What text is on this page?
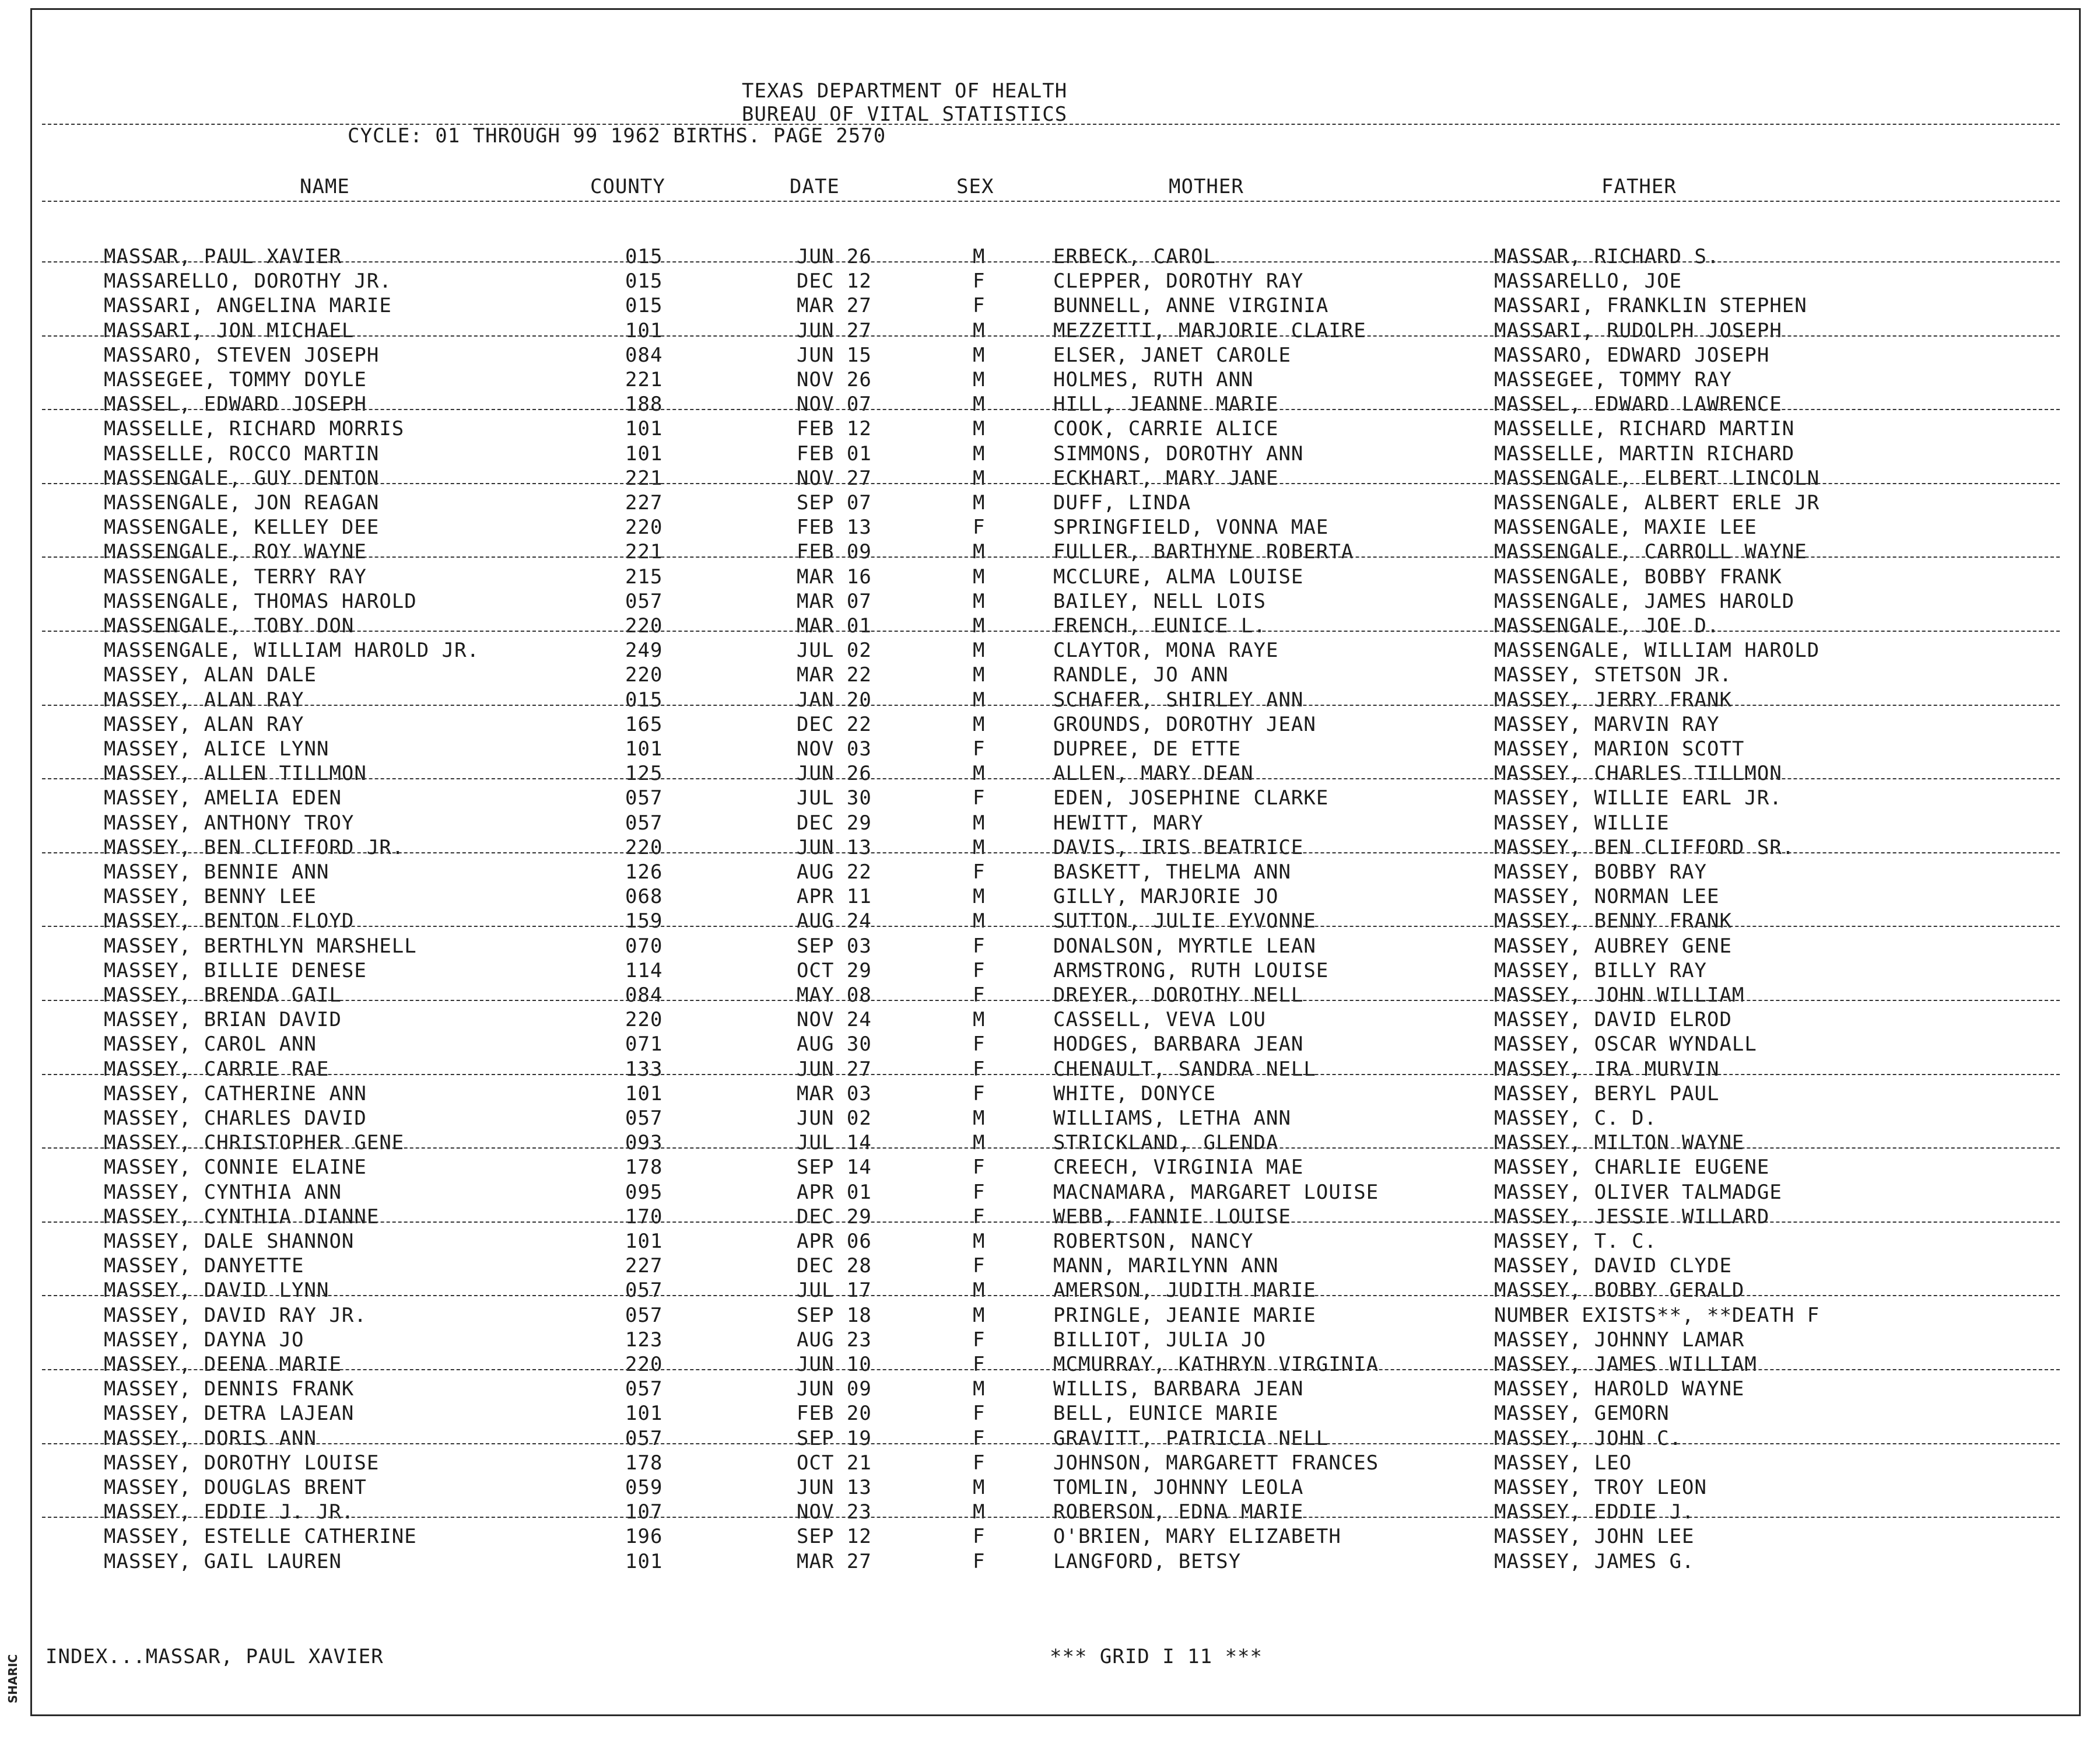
SHARIC
TEXAS DEPARTMENT OF HEALTH
BUREAU OF VITAL STATISTICS
CYCLE: 01 THROUGH 99 1962 BIRTHS. PAGE 2570
NAME	COUNTY	DATE	SEX	MOTHER	FATHER
MASSAR, PAUL XAVIER	015	JUN 26	M	ERBECK, CAROL	MASSAR, RICHARD S.
MASSARELLO, DOROTHY JR.	015	DEC 12	F	CLEPPER, DOROTHY RAY	MASSARELLO, JOE
MASSARI, ANGELINA MARIE	015	MAR 27	F	BUNNELL, ANNE VIRGINIA	MASSARI, FRANKLIN STEPHEN
MASSARI, JON MICHAEL	101	JUN 27	M	MEZZETTI, MARJORIE CLAIRE	MASSARI, RUDOLPH JOSEPH
MASSARO, STEVEN JOSEPH	084	JUN 15	M	ELSER, JANET CAROLE	MASSARO, EDWARD JOSEPH
MASSEGEE, TOMMY DOYLE	221	NOV 26	M	HOLMES, RUTH ANN	MASSEGEE, TOMMY RAY
MASSEL, EDWARD JOSEPH	188	NOV 07	M	HILL, JEANNE MARIE	MASSEL, EDWARD LAWRENCE
MASSELLE, RICHARD MORRIS	101	FEB 12	M	COOK, CARRIE ALICE	MASSELLE, RICHARD MARTIN
MASSELLE, ROCCO MARTIN	101	FEB 01	M	SIMMONS, DOROTHY ANN	MASSELLE, MARTIN RICHARD
MASSENGALE, GUY DENTON	221	NOV 27	M	ECKHART, MARY JANE	MASSENGALE, ELBERT LINCOLN
MASSENGALE, JON REAGAN	227	SEP 07	M	DUFF, LINDA	MASSENGALE, ALBERT ERLE JR
MASSENGALE, KELLEY DEE	220	FEB 13	F	SPRINGFIELD, VONNA MAE	MASSENGALE, MAXIE LEE
MASSENGALE, ROY WAYNE	221	FEB 09	M	FULLER, BARTHYNE ROBERTA	MASSENGALE, CARROLL WAYNE
MASSENGALE, TERRY RAY	215	MAR 16	M	MCCLURE, ALMA LOUISE	MASSENGALE, BOBBY FRANK
MASSENGALE, THOMAS HAROLD	057	MAR 07	M	BAILEY, NELL LOIS	MASSENGALE, JAMES HAROLD
MASSENGALE, TOBY DON	220	MAR 01	M	FRENCH, EUNICE L.	MASSENGALE, JOE D.
MASSENGALE, WILLIAM HAROLD JR.	249	JUL 02	M	CLAYTOR, MONA RAYE	MASSENGALE, WILLIAM HAROLD
MASSEY, ALAN DALE	220	MAR 22	M	RANDLE, JO ANN	MASSEY, STETSON JR.
MASSEY, ALAN RAY	015	JAN 20	M	SCHAFER, SHIRLEY ANN	MASSEY, JERRY FRANK
MASSEY, ALAN RAY	165	DEC 22	M	GROUNDS, DOROTHY JEAN	MASSEY, MARVIN RAY
MASSEY, ALICE LYNN	101	NOV 03	F	DUPREE, DE ETTE	MASSEY, MARION SCOTT
MASSEY, ALLEN TILLMON	125	JUN 26	M	ALLEN, MARY DEAN	MASSEY, CHARLES TILLMON
MASSEY, AMELIA EDEN	057	JUL 30	F	EDEN, JOSEPHINE CLARKE	MASSEY, WILLIE EARL JR.
MASSEY, ANTHONY TROY	057	DEC 29	M	HEWITT, MARY	MASSEY, WILLIE
MASSEY, BEN CLIFFORD JR.	220	JUN 13	M	DAVIS, IRIS BEATRICE	MASSEY, BEN CLIFFORD SR.
MASSEY, BENNIE ANN	126	AUG 22	F	BASKETT, THELMA ANN	MASSEY, BOBBY RAY
MASSEY, BENNY LEE	068	APR 11	M	GILLY, MARJORIE JO	MASSEY, NORMAN LEE
MASSEY, BENTON FLOYD	159	AUG 24	M	SUTTON, JULIE EYVONNE	MASSEY, BENNY FRANK
MASSEY, BERTHLYN MARSHELL	070	SEP 03	F	DONALSON, MYRTLE LEAN	MASSEY, AUBREY GENE
MASSEY, BILLIE DENESE	114	OCT 29	F	ARMSTRONG, RUTH LOUISE	MASSEY, BILLY RAY
MASSEY, BRENDA GAIL	084	MAY 08	F	DREYER, DOROTHY NELL	MASSEY, JOHN WILLIAM
MASSEY, BRIAN DAVID	220	NOV 24	M	CASSELL, VEVA LOU	MASSEY, DAVID ELROD
MASSEY, CAROL ANN	071	AUG 30	F	HODGES, BARBARA JEAN	MASSEY, OSCAR WYNDALL
MASSEY, CARRIE RAE	133	JUN 27	F	CHENAULT, SANDRA NELL	MASSEY, IRA MURVIN
MASSEY, CATHERINE ANN	101	MAR 03	F	WHITE, DONYCE	MASSEY, BERYL PAUL
MASSEY, CHARLES DAVID	057	JUN 02	M	WILLIAMS, LETHA ANN	MASSEY, C. D.
MASSEY, CHRISTOPHER GENE	093	JUL 14	M	STRICKLAND, GLENDA	MASSEY, MILTON WAYNE
MASSEY, CONNIE ELAINE	178	SEP 14	F	CREECH, VIRGINIA MAE	MASSEY, CHARLIE EUGENE
MASSEY, CYNTHIA ANN	095	APR 01	F	MACNAMARA, MARGARET LOUISE	MASSEY, OLIVER TALMADGE
MASSEY, CYNTHIA DIANNE	170	DEC 29	F	WEBB, FANNIE LOUISE	MASSEY, JESSIE WILLARD
MASSEY, DALE SHANNON	101	APR 06	M	ROBERTSON, NANCY	MASSEY, T. C.
MASSEY, DANYETTE	227	DEC 28	F	MANN, MARILYNN ANN	MASSEY, DAVID CLYDE
MASSEY, DAVID LYNN	057	JUL 17	M	AMERSON, JUDITH MARIE	MASSEY, BOBBY GERALD
MASSEY, DAVID RAY JR.	057	SEP 18	M	PRINGLE, JEANIE MARIE	NUMBER EXISTS**, **DEATH F
MASSEY, DAYNA JO	123	AUG 23	F	BILLIOT, JULIA JO	MASSEY, JOHNNY LAMAR
MASSEY, DEENA MARIE	220	JUN 10	F	MCMURRAY, KATHRYN VIRGINIA	MASSEY, JAMES WILLIAM
MASSEY, DENNIS FRANK	057	JUN 09	M	WILLIS, BARBARA JEAN	MASSEY, HAROLD WAYNE
MASSEY, DETRA LAJEAN	101	FEB 20	F	BELL, EUNICE MARIE	MASSEY, GEMORN
MASSEY, DORIS ANN	057	SEP 19	F	GRAVITT, PATRICIA NELL	MASSEY, JOHN C.
MASSEY, DOROTHY LOUISE	178	OCT 21	F	JOHNSON, MARGARETT FRANCES	MASSEY, LEO
MASSEY, DOUGLAS BRENT	059	JUN 13	M	TOMLIN, JOHNNY LEOLA	MASSEY, TROY LEON
MASSEY, EDDIE J. JR.	107	NOV 23	M	ROBERSON, EDNA MARIE	MASSEY, EDDIE J.
MASSEY, ESTELLE CATHERINE	196	SEP 12	F	O'BRIEN, MARY ELIZABETH	MASSEY, JOHN LEE
MASSEY, GAIL LAUREN	101	MAR 27	F	LANGFORD, BETSY	MASSEY, JAMES G.
INDEX...MASSAR, PAUL XAVIER	*** GRID I 11 ***
